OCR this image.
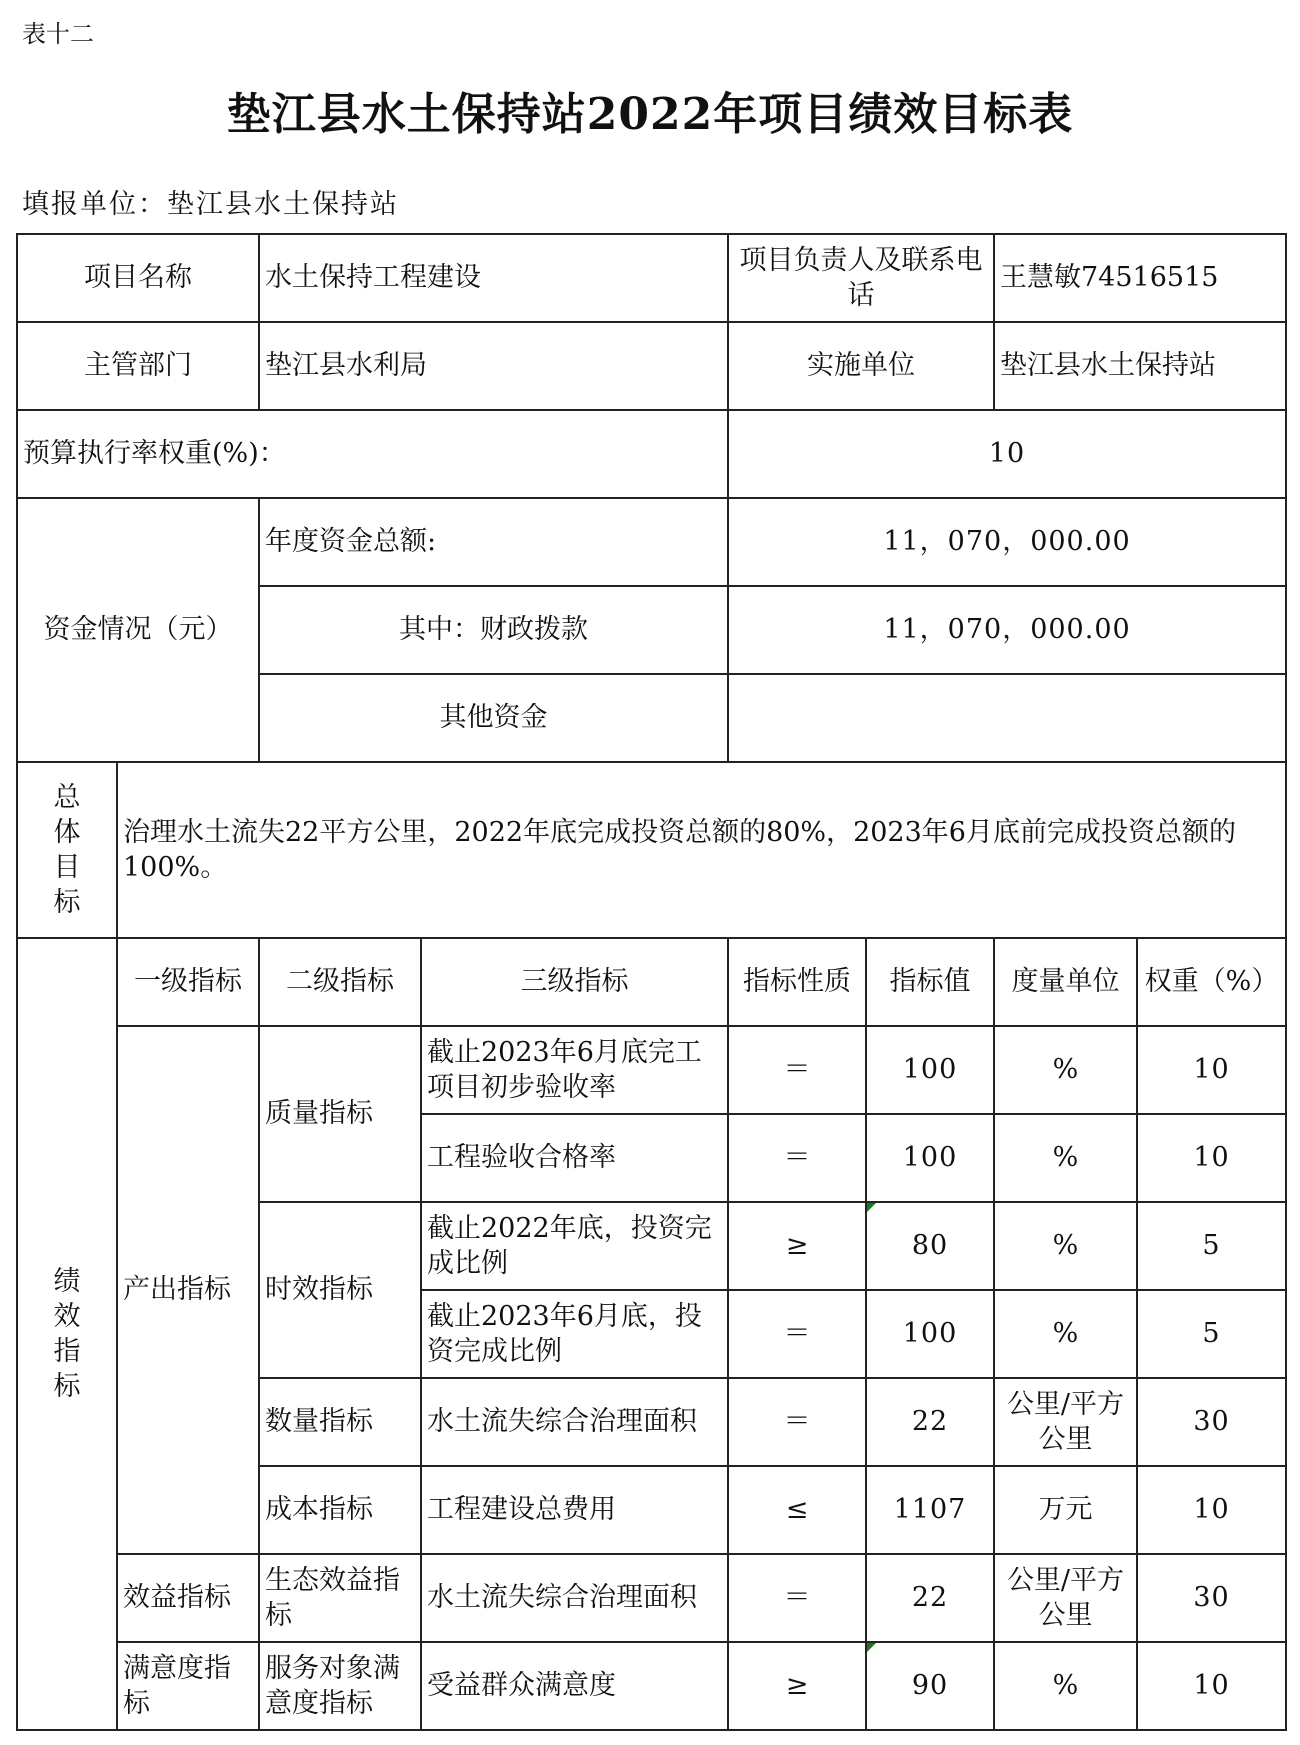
表十二
垫江县水土保持站2022年项目绩效目标表
填报单位：垫江县水土保持站
项目名称		水土保持工程建设		项目负责人及联系电话		王慧敏74516515	
主管部门		垫江县水利局		实施单位		垫江县水土保持站	
预算执行率权重(%)：				10			
资金情况（元）		年度资金总额:		11，070，000.00			
		其中：财政拨款		11，070，000.00			
		其他资金					

总
体
目
标	治理水土流失22平方公里，2022年底完成投资总额的80%，2023年6月底前完成投资总额的100%。						

绩
效
指
标	一级指标	二级指标	三级指标	指标性质	指标值	度量单位	权重（%）
	产出指标	质量指标	截止2023年6月底完工项目初步验收率	＝	100	%	10
			工程验收合格率	＝	100	%	10
		时效指标	截止2022年底，投资完成比例	≥	80	%	5
			截止2023年6月底，投资完成比例	＝	100	%	5
		数量指标	水土流失综合治理面积	＝	22	公里/平方公里	30
		成本指标	工程建设总费用	≤	1107	万元	10
	效益指标	生态效益指标	水土流失综合治理面积	＝	22	公里/平方公里	30
	满意度指标	服务对象满意度指标	受益群众满意度	≥	90	%	10
